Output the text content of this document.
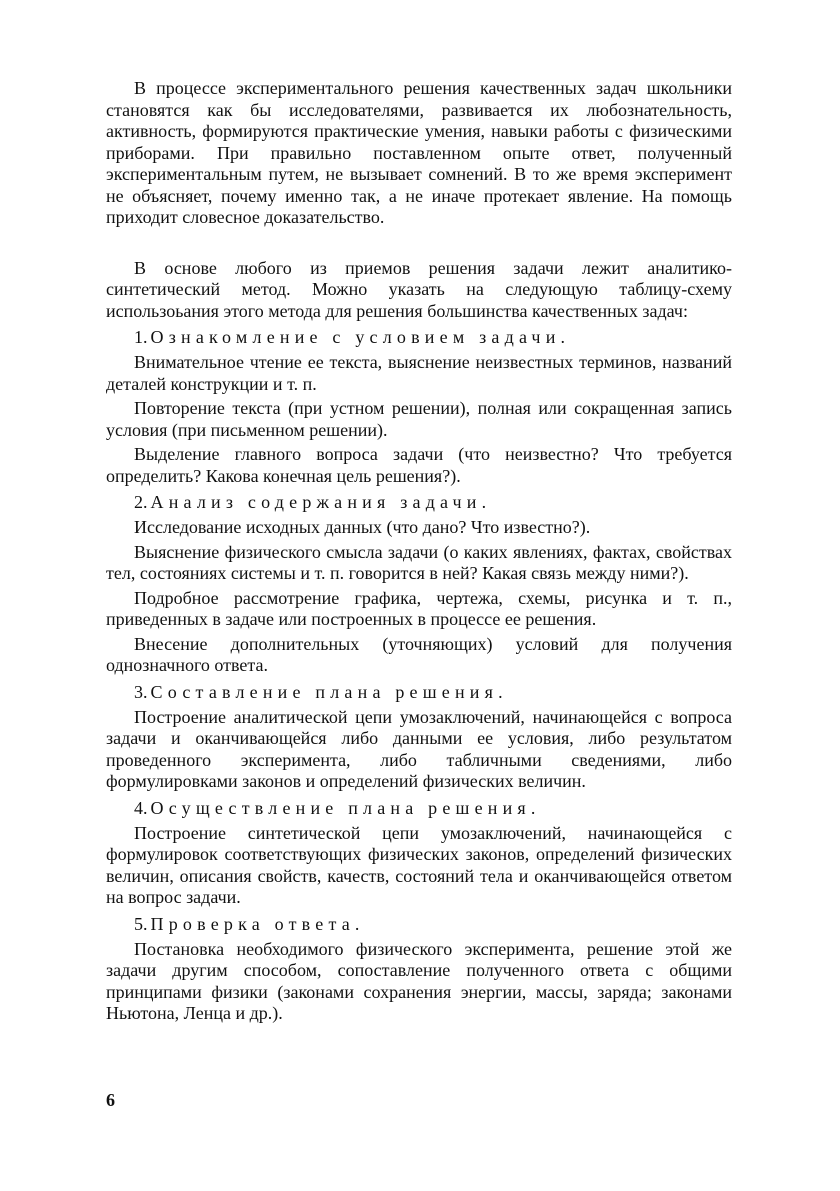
В процессе экспериментального решения качественных задач школьники становятся как бы исследователями, развивается их любознательность, активность, формируются практические умения, навыки работы с физическими приборами. При правильно поставленном опыте ответ, полученный экспериментальным путем, не вызывает сомнений. В то же время эксперимент не объясняет, почему именно так, а не иначе протекает явление. На помощь приходит словесное доказательство.

В основе любого из приемов решения задачи лежит аналитико-синтетический метод. Можно указать на следующую таблицу-схему использоьания этого метода для решения большинства качественных задач:

1. Ознакомление с условием задачи.

Внимательное чтение ее текста, выяснение неизвестных терминов, названий деталей конструкции и т. п.

Повторение текста (при устном решении), полная или сокращенная запись условия (при письменном решении).

Выделение главного вопроса задачи (что неизвестно? Что требуется определить? Какова конечная цель решения?).

2. Анализ содержания задачи.

Исследование исходных данных (что дано? Что известно?).

Выяснение физического смысла задачи (о каких явлениях, фактах, свойствах тел, состояниях системы и т. п. говорится в ней? Какая связь между ними?).

Подробное рассмотрение графика, чертежа, схемы, рисунка и т. п., приведенных в задаче или построенных в процессе ее решения.

Внесение дополнительных (уточняющих) условий для получения однозначного ответа.

3. Составление плана решения.

Построение аналитической цепи умозаключений, начинающейся с вопроса задачи и оканчивающейся либо данными ее условия, либо результатом проведенного эксперимента, либо табличными сведениями, либо формулировками законов и определений физических величин.

4. Осуществление плана решения.

Построение синтетической цепи умозаключений, начинающейся с формулировок соответствующих физических законов, определений физических величин, описания свойств, качеств, состояний тела и оканчивающейся ответом на вопрос задачи.

5. Проверка ответа.

Постановка необходимого физического эксперимента, решение этой же задачи другим способом, сопоставление полученного ответа с общими принципами физики (законами сохранения энергии, массы, заряда; законами Ньютона, Ленца и др.).

6
